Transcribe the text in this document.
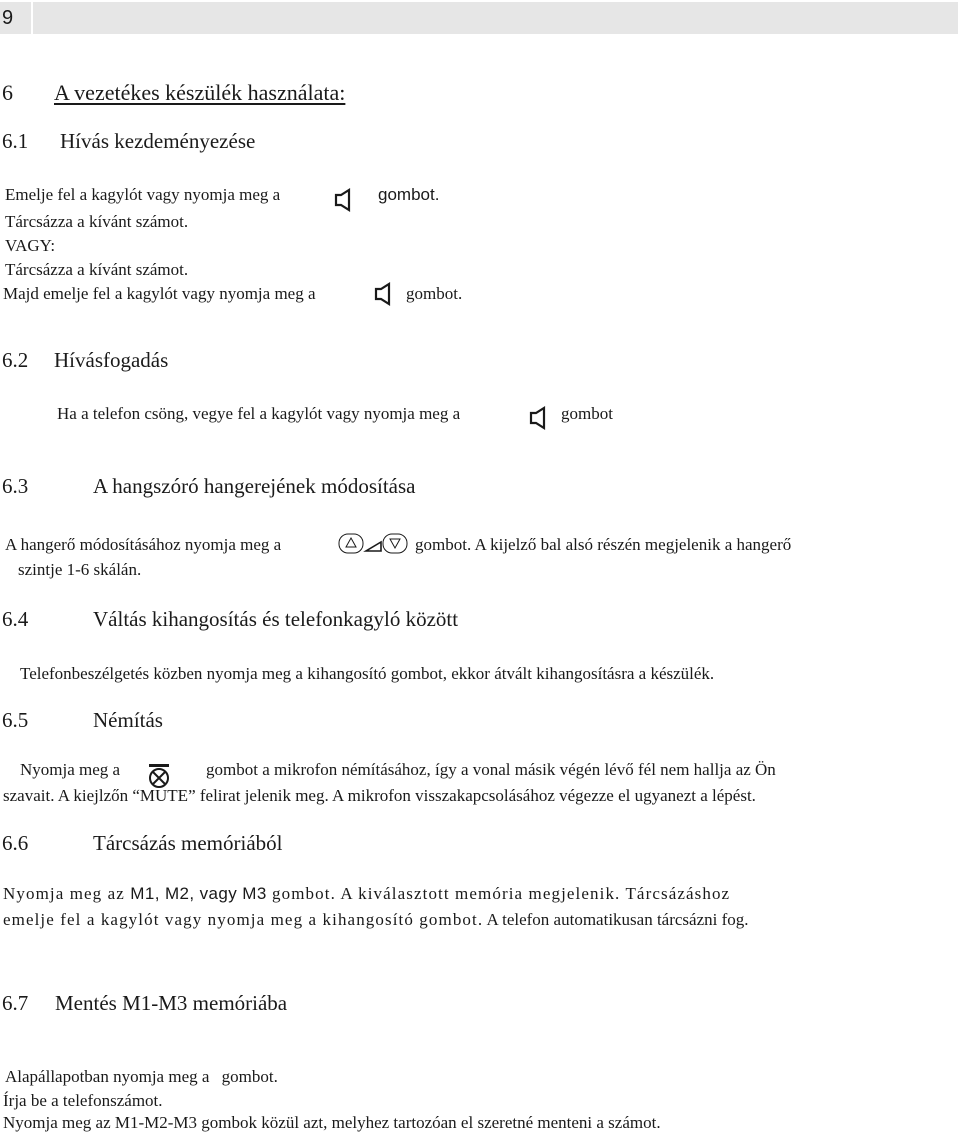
9
6 A vezetékes készülék használata:
6.1 Hívás kezdeményezése
Emelje fel a kagylót vagy nyomja meg a	gombot.
Tárcsázza a kívánt számot.
VAGY:
Tárcsázza a kívánt számot.
Majd emelje fel a kagylót vagy nyomja meg a	gombot.
6.2 Hívásfogadás
Ha a telefon csöng, vegye fel a kagylót vagy nyomja meg a	gombot
6.3	A hangszóró hangerejének módosítása
A hangerő módosításához nyomja meg a	gombot. A kijelző bal alsó részén megjelenik a hangerő
szintje 1-6 skálán.
6.4	Váltás kihangosítás és telefonkagyló között
Telefonbeszélgetés közben nyomja meg a kihangosító gombot, ekkor átvált kihangosításra a készülék.
6.5	Némítás
Nyomja meg a	gombot a mikrofon némításához, így a vonal másik végén lévő fél nem hallja az Ön
szavait. A kiejlzőn “MUTE” felirat jelenik meg. A mikrofon visszakapcsolásához végezze el ugyanezt a lépést.
6.6	Tárcsázás memóriából
Nyomja meg az M1, M2, vagy M3 gombot. A kiválasztott memória megjelenik. Tárcsázáshoz
emelje fel a kagylót vagy nyomja meg a kihangosító gombot. A telefon automatikusan tárcsázni fog.
6.7 Mentés M1-M3 memóriába
Alapállapotban nyomja meg a gombot.
Írja be a telefonszámot.
Nyomja meg az M1-M2-M3 gombok közül azt, melyhez tartozóan el szeretné menteni a számot.
